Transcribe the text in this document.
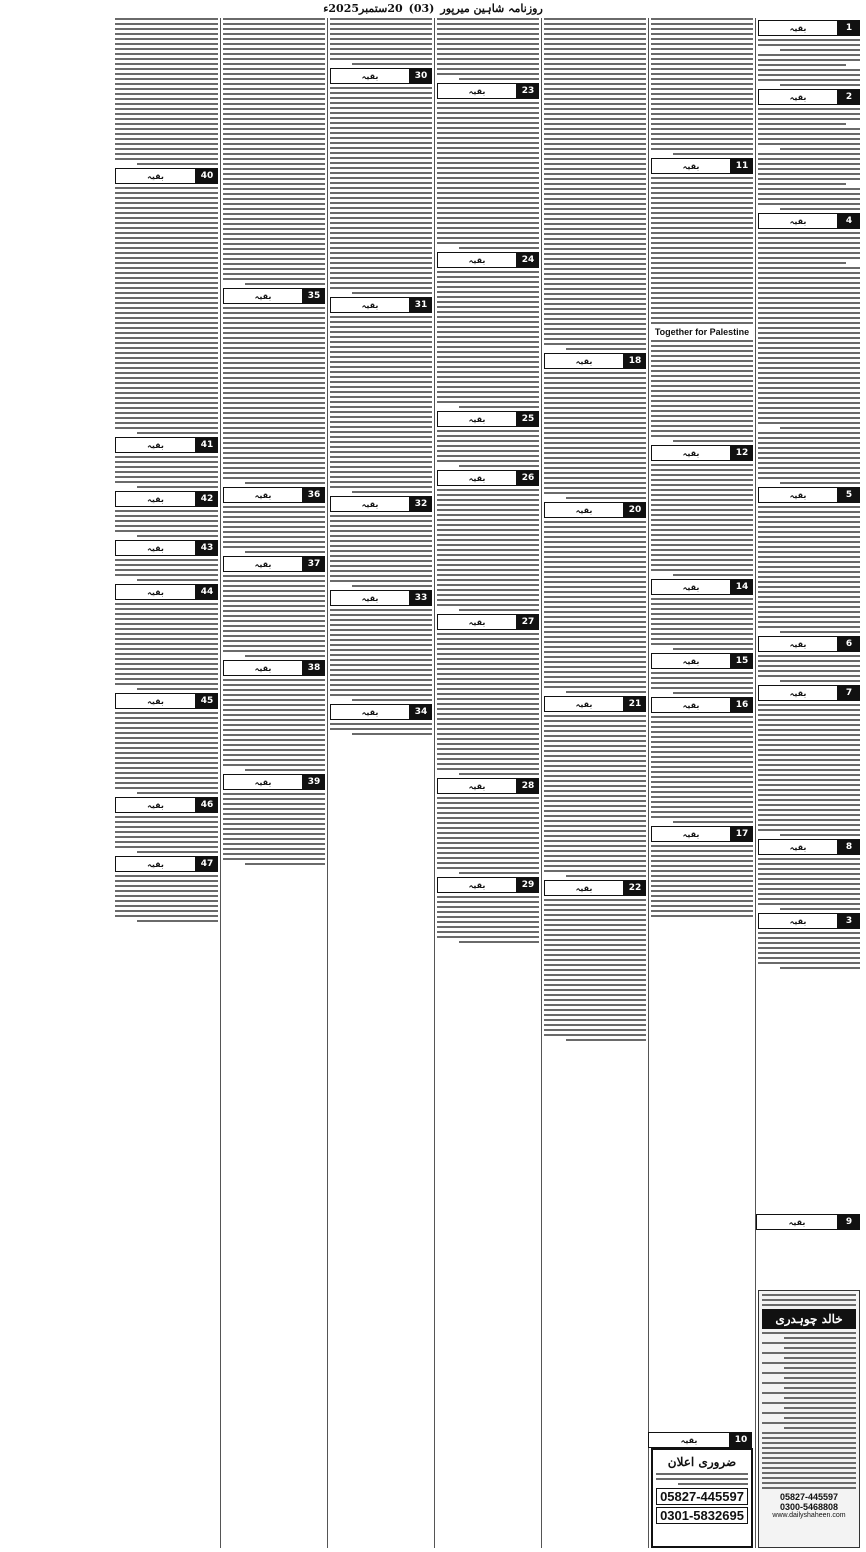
روزنامہ شاہین میرپور
(03)
20ستمبر2025ء
1
بقیہ
2
بقیہ
4
بقیہ
5
بقیہ
6
بقیہ
7
بقیہ
8
بقیہ
3
بقیہ
خالد چوہدری
05827-445597
0300-5468808
www.dailyshaheen.com
11
بقیہ
Together for Palestine
12
بقیہ
14
بقیہ
15
بقیہ
16
بقیہ
17
بقیہ
ضروری اعلان
05827-445597
0301-5832695
18
بقیہ
20
بقیہ
21
بقیہ
22
بقیہ
23
بقیہ
24
بقیہ
25
بقیہ
26
بقیہ
27
بقیہ
28
بقیہ
29
بقیہ
30
بقیہ
31
بقیہ
32
بقیہ
33
بقیہ
34
بقیہ
35
بقیہ
36
بقیہ
37
بقیہ
38
بقیہ
39
بقیہ
40
بقیہ
41
بقیہ
42
بقیہ
43
بقیہ
44
بقیہ
45
بقیہ
46
بقیہ
47
بقیہ
9
بقیہ
10
بقیہ
